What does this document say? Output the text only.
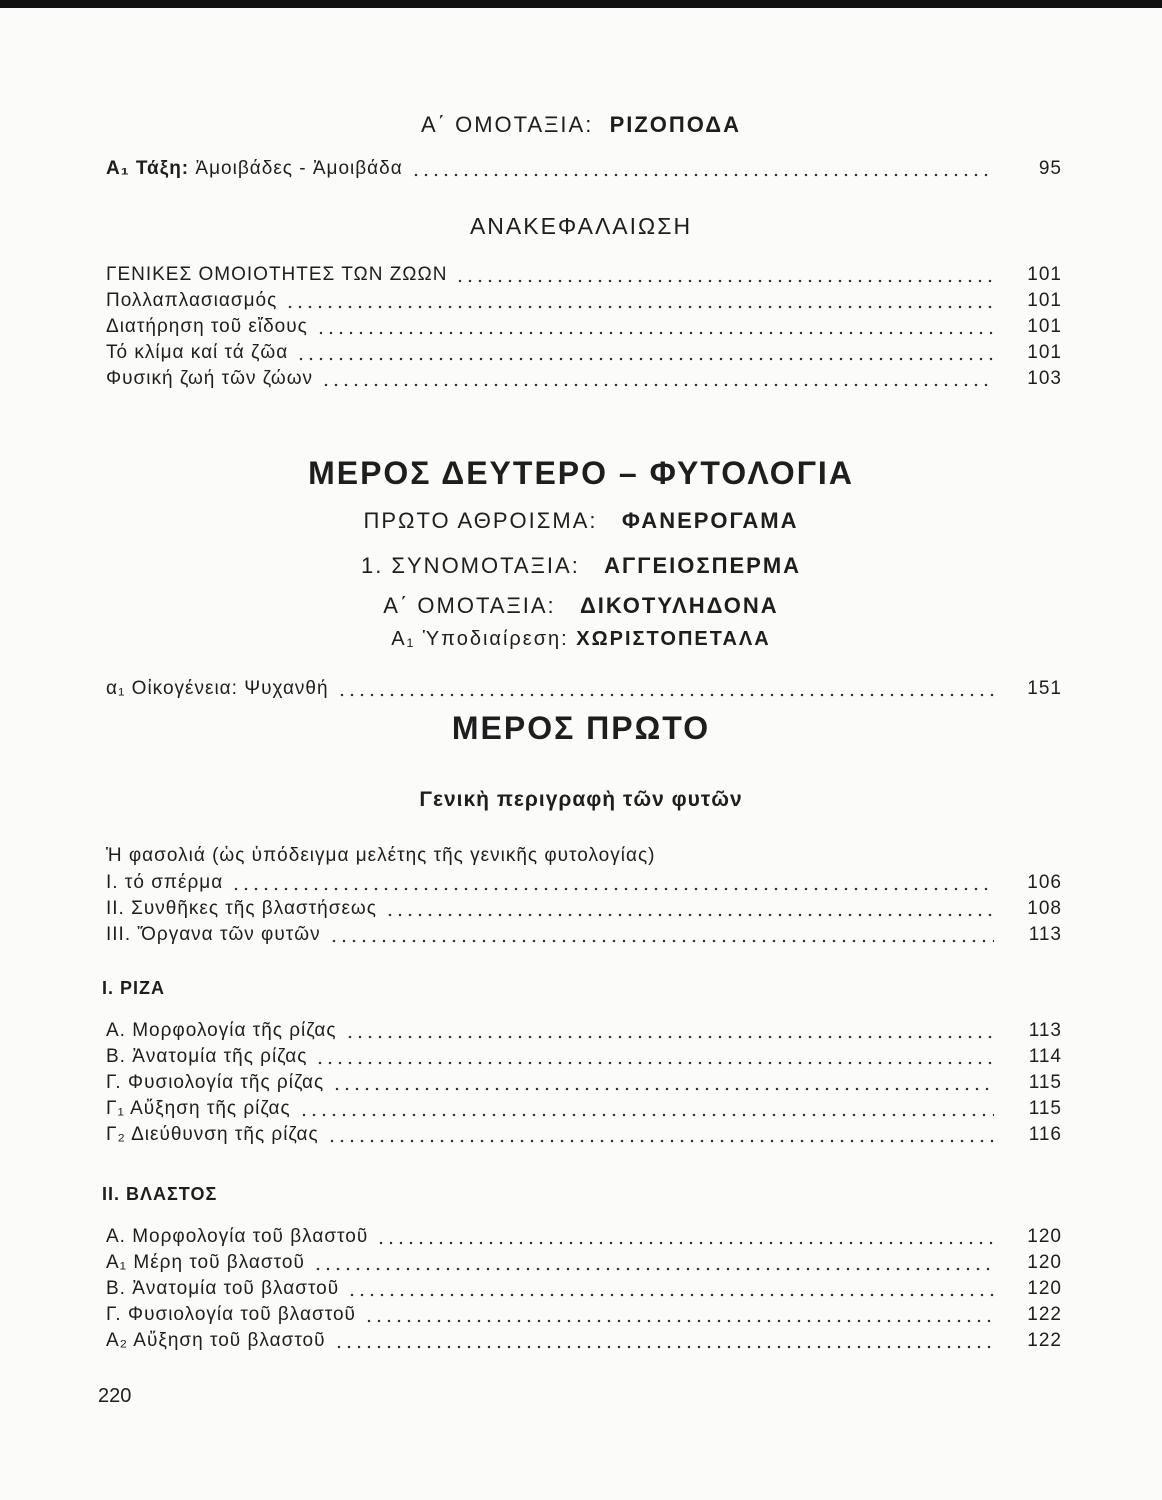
Α΄ ΟΜΟΤΑΞΙΑ: ΡΙΖΟΠΟΔΑ
Α₁ Τάξη: Ἀμοιβάδες - Ἀμοιβάδα	95
ΑΝΑΚΕΦΑΛΑΙΩΣΗ
ΓΕΝΙΚΕΣ ΟΜΟΙΟΤΗΤΕΣ ΤΩΝ ΖΩΩΝ	101
Πολλαπλασιασμός	101
Διατήρηση τοῦ εἴδους	101
Τό κλίμα καί τά ζῶα	101
Φυσική ζωή τῶν ζώων	103
ΜΕΡΟΣ ΔΕΥΤΕΡΟ – ΦΥΤΟΛΟΓΙΑ
ΠΡΩΤΟ ΑΘΡΟΙΣΜΑ: ΦΑΝΕΡΟΓΑΜΑ
1. ΣΥΝΟΜΟΤΑΞΙΑ: ΑΓΓΕΙΟΣΠΕΡΜΑ
Α΄ ΟΜΟΤΑΞΙΑ: ΔΙΚΟΤΥΛΗΔΟΝΑ
Α₁ Ὑποδιαίρεση: ΧΩΡΙΣΤΟΠΕΤΑΛΑ
α₁ Οἰκογένεια: Ψυχανθή	151
ΜΕΡΟΣ ΠΡΩΤΟ
Γενικὴ περιγραφὴ τῶν φυτῶν
Ἡ φασολιά (ὡς ὑπόδειγμα μελέτης τῆς γενικῆς φυτολογίας)
I. τό σπέρμα	106
II. Συνθῆκες τῆς βλαστήσεως	108
III. Ὄργανα τῶν φυτῶν	113
I. ΡΙΖΑ
Α. Μορφολογία τῆς ρίζας	113
Β. Ἀνατομία τῆς ρίζας	114
Γ. Φυσιολογία τῆς ρίζας	115
Γ₁ Αὔξηση τῆς ρίζας	115
Γ₂ Διεύθυνση τῆς ρίζας	116
II. ΒΛΑΣΤΟΣ
Α. Μορφολογία τοῦ βλαστοῦ	120
Α₁ Μέρη τοῦ βλαστοῦ	120
Β. Ἀνατομία τοῦ βλαστοῦ	120
Γ. Φυσιολογία τοῦ βλαστοῦ	122
Α₂ Αὔξηση τοῦ βλαστοῦ	122
220
